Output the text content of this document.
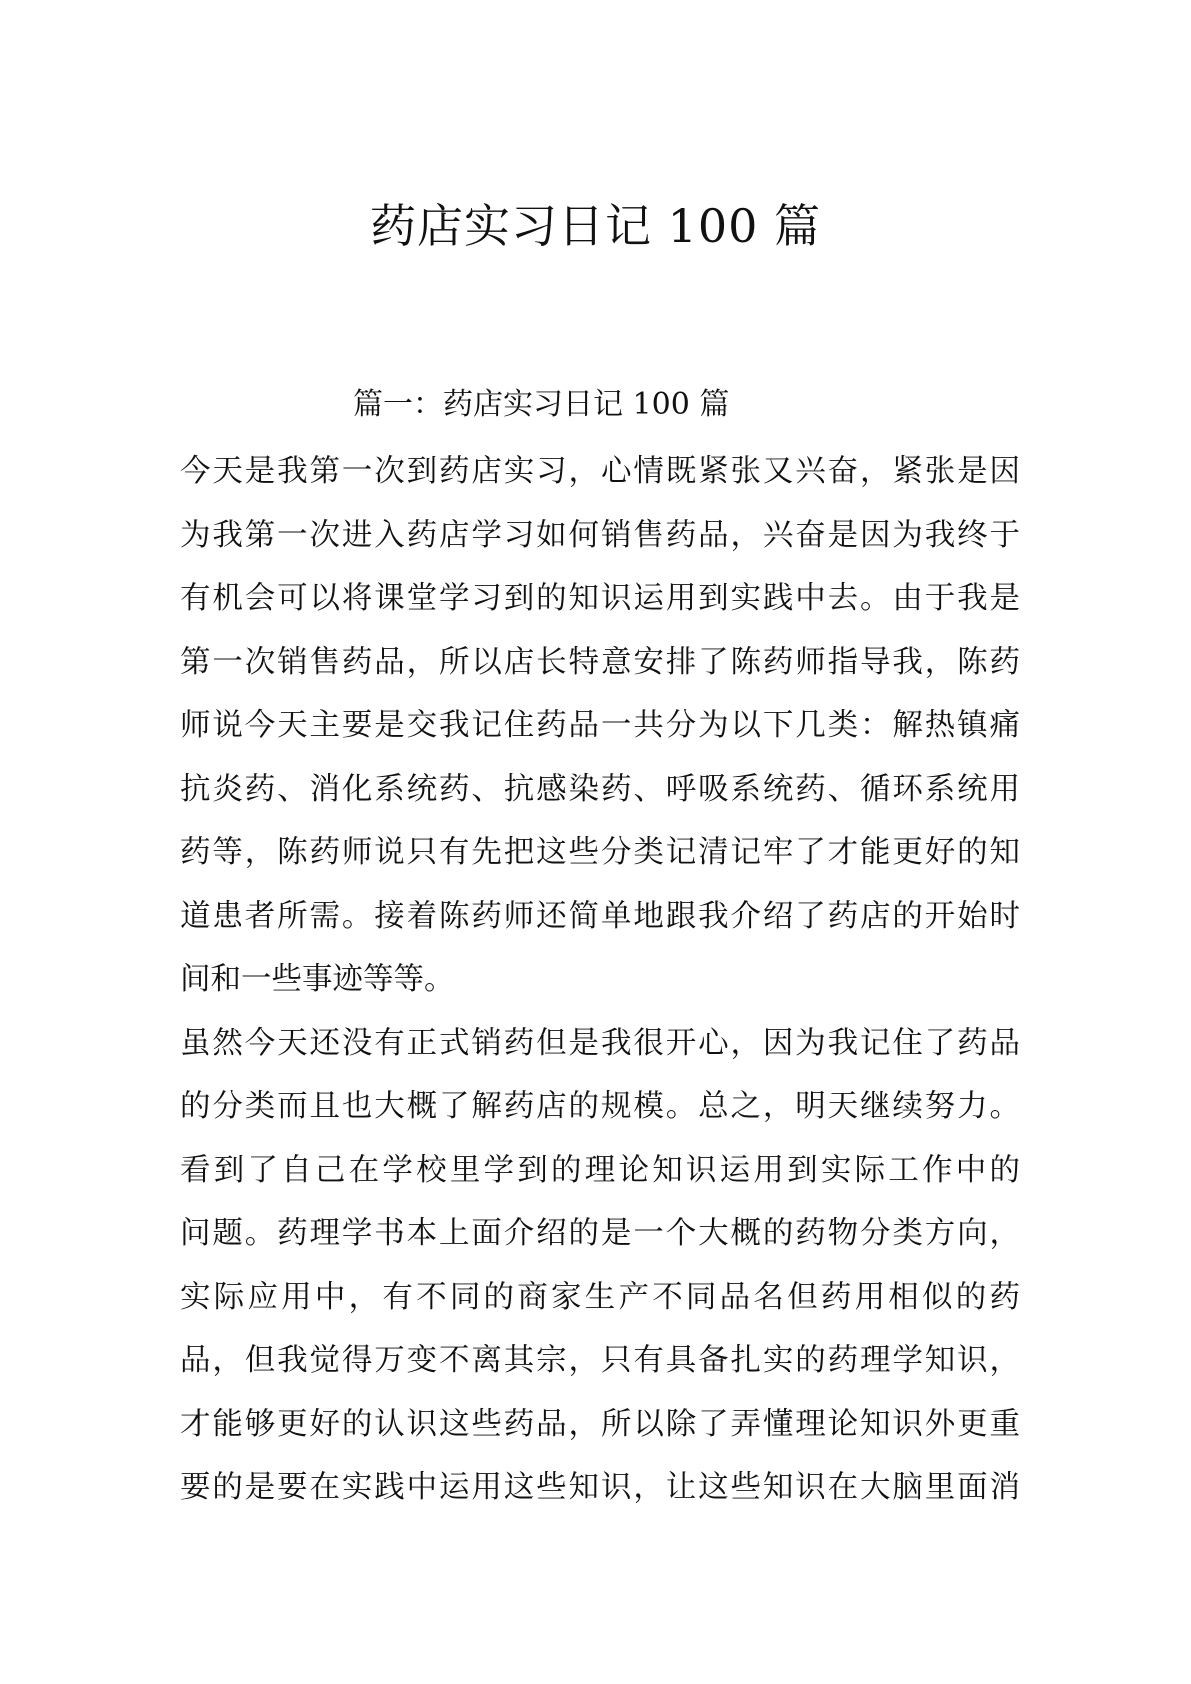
药店实习日记 100 篇
篇一：药店实习日记 100 篇
今天是我第一次到药店实习，心情既紧张又兴奋，紧张是因
为我第一次进入药店学习如何销售药品，兴奋是因为我终于
有机会可以将课堂学习到的知识运用到实践中去。由于我是
第一次销售药品，所以店长特意安排了陈药师指导我，陈药
师说今天主要是交我记住药品一共分为以下几类：解热镇痛
抗炎药、消化系统药、抗感染药、呼吸系统药、循环系统用
药等，陈药师说只有先把这些分类记清记牢了才能更好的知
道患者所需。接着陈药师还简单地跟我介绍了药店的开始时
间和一些事迹等等。
虽然今天还没有正式销药但是我很开心，因为我记住了药品
的分类而且也大概了解药店的规模。总之，明天继续努力。
看到了自己在学校里学到的理论知识运用到实际工作中的
问题。药理学书本上面介绍的是一个大概的药物分类方向，
实际应用中，有不同的商家生产不同品名但药用相似的药
品，但我觉得万变不离其宗，只有具备扎实的药理学知识，
才能够更好的认识这些药品，所以除了弄懂理论知识外更重
要的是要在实践中运用这些知识，让这些知识在大脑里面消
